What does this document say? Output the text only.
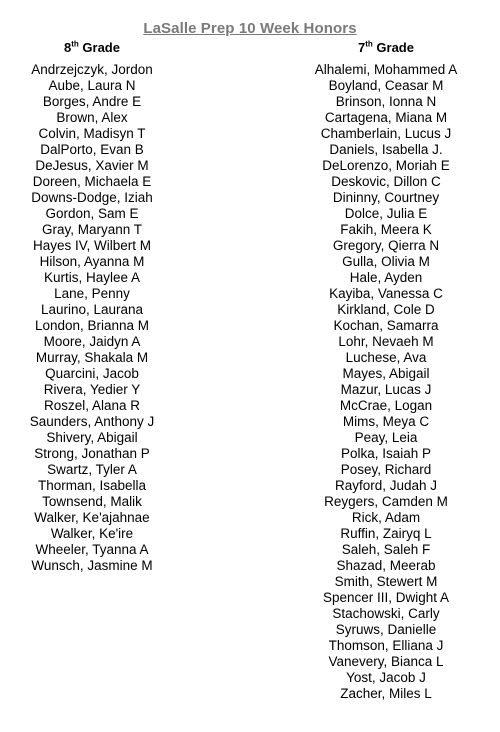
LaSalle Prep 10 Week Honors
8th Grade
Andrzejczyk, Jordon
Aube, Laura N
Borges, Andre E
Brown, Alex
Colvin, Madisyn T
DalPorto, Evan B
DeJesus, Xavier M
Doreen, Michaela E
Downs-Dodge, Iziah
Gordon, Sam E
Gray, Maryann T
Hayes IV, Wilbert M
Hilson, Ayanna M
Kurtis, Haylee A
Lane, Penny
Laurino, Laurana
London, Brianna M
Moore, Jaidyn A
Murray, Shakala M
Quarcini, Jacob
Rivera, Yedier Y
Roszel, Alana R
Saunders, Anthony J
Shivery, Abigail
Strong, Jonathan P
Swartz, Tyler A
Thorman, Isabella
Townsend, Malik
Walker, Ke'ajahnae
Walker, Ke'ire
Wheeler, Tyanna A
Wunsch, Jasmine M
7th Grade
Alhalemi, Mohammed A
Boyland, Ceasar M
Brinson, Ionna N
Cartagena, Miana M
Chamberlain, Lucus J
Daniels, Isabella J.
DeLorenzo, Moriah E
Deskovic, Dillon C
Dininny, Courtney
Dolce, Julia E
Fakih, Meera K
Gregory, Qierra N
Gulla, Olivia M
Hale, Ayden
Kayiba, Vanessa C
Kirkland, Cole D
Kochan, Samarra
Lohr, Nevaeh M
Luchese, Ava
Mayes, Abigail
Mazur, Lucas J
McCrae, Logan
Mims, Meya C
Peay, Leia
Polka, Isaiah P
Posey, Richard
Rayford, Judah J
Reygers, Camden M
Rick, Adam
Ruffin, Zairyq L
Saleh, Saleh F
Shazad, Meerab
Smith, Stewert M
Spencer III, Dwight A
Stachowski, Carly
Syruws, Danielle
Thomson, Elliana J
Vanevery, Bianca L
Yost, Jacob J
Zacher, Miles L
